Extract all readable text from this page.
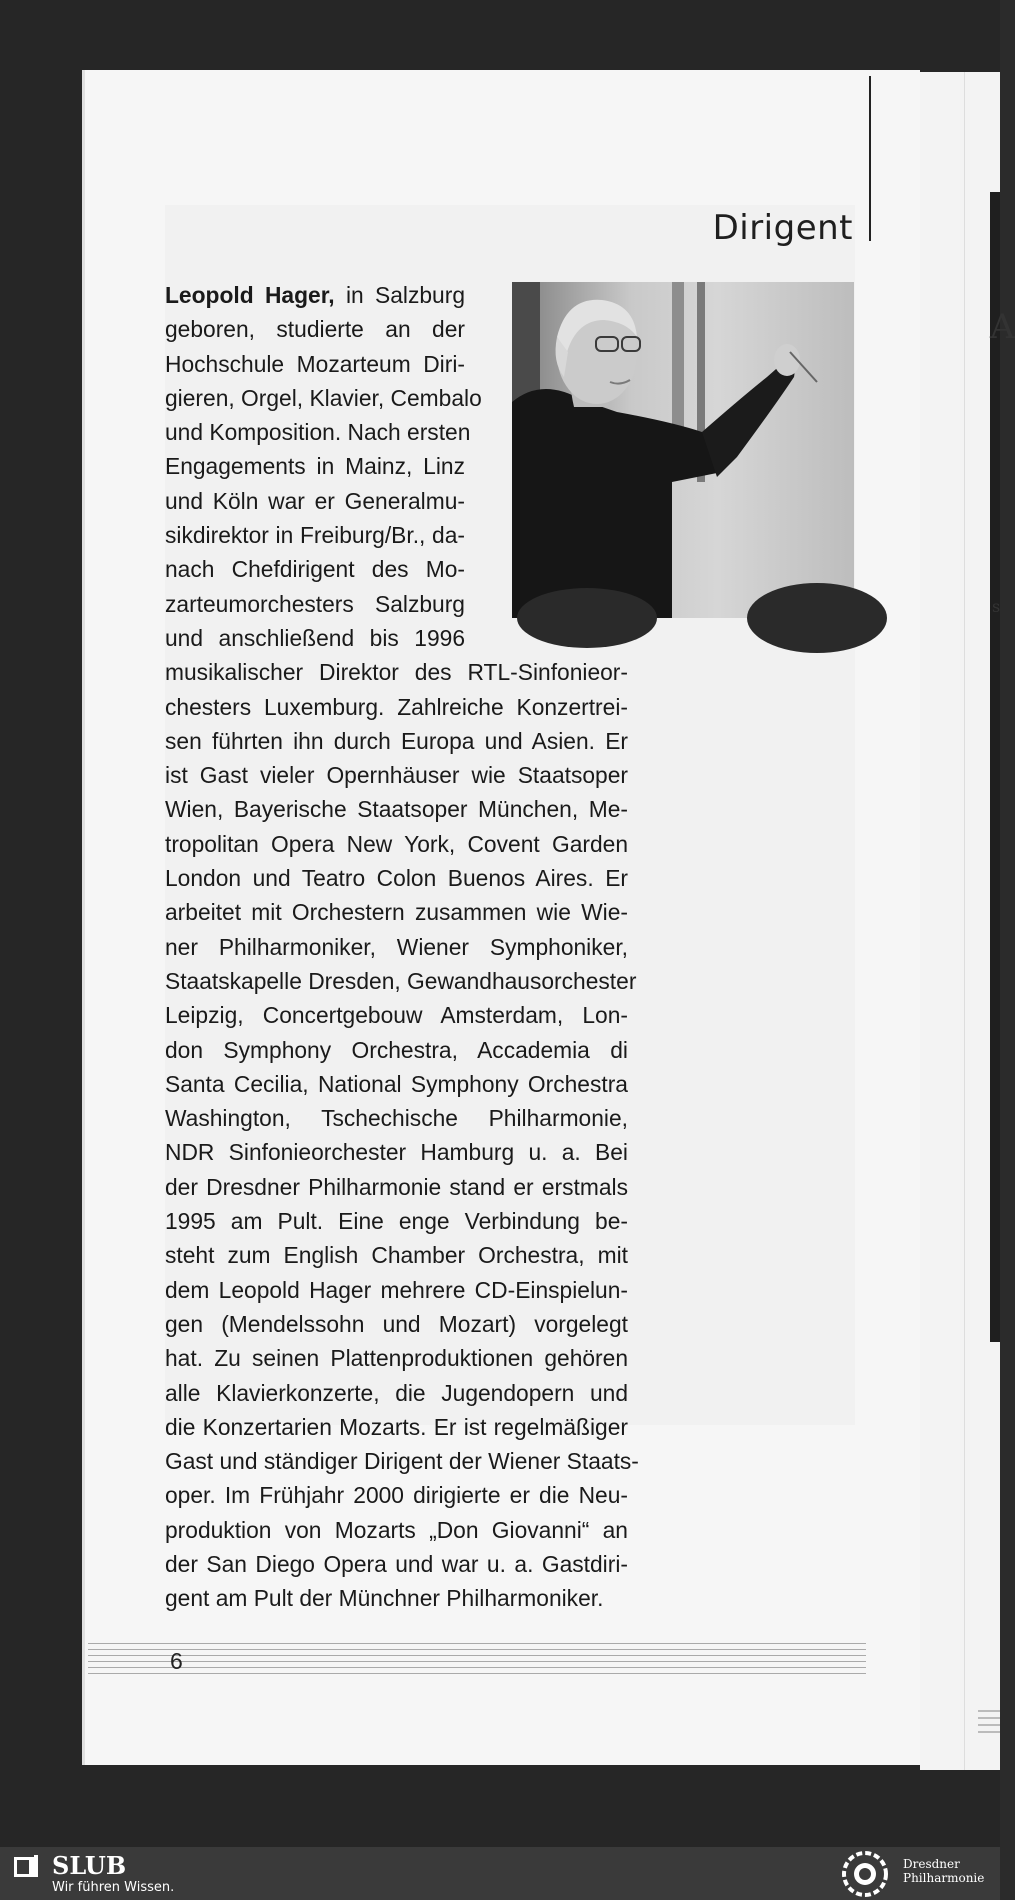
A
s
Dirigent
Leopold Hager, in Salzburg
geboren, studierte an der
Hochschule Mozarteum Diri-
gieren, Orgel, Klavier, Cembalo
und Komposition. Nach ersten
Engagements in Mainz, Linz
und Köln war er Generalmu-
sikdirektor in Freiburg/Br., da-
nach Chefdirigent des Mo-
zarteumorchesters Salzburg
und anschließend bis 1996
musikalischer Direktor des RTL-Sinfonieor-
chesters Luxemburg. Zahlreiche Konzertrei-
sen führten ihn durch Europa und Asien. Er
ist Gast vieler Opernhäuser wie Staatsoper
Wien, Bayerische Staatsoper München, Me-
tropolitan Opera New York, Covent Garden
London und Teatro Colon Buenos Aires. Er
arbeitet mit Orchestern zusammen wie Wie-
ner Philharmoniker, Wiener Symphoniker,
Staatskapelle Dresden, Gewandhausorchester
Leipzig, Concertgebouw Amsterdam, Lon-
don Symphony Orchestra, Accademia di
Santa Cecilia, National Symphony Orchestra
Washington, Tschechische Philharmonie,
NDR Sinfonieorchester Hamburg u. a. Bei
der Dresdner Philharmonie stand er erstmals
1995 am Pult. Eine enge Verbindung be-
steht zum English Chamber Orchestra, mit
dem Leopold Hager mehrere CD-Einspielun-
gen (Mendelssohn und Mozart) vorgelegt
hat. Zu seinen Plattenproduktionen gehören
alle Klavierkonzerte, die Jugendopern und
die Konzertarien Mozarts. Er ist regelmäßiger
Gast und ständiger Dirigent der Wiener Staats-
oper. Im Frühjahr 2000 dirigierte er die Neu-
produktion von Mozarts „Don Giovanni“ an
der San Diego Opera und war u. a. Gastdiri-
gent am Pult der Münchner Philharmoniker.
6
SLUB
Wir führen Wissen.
Dresdner
Philharmonie
